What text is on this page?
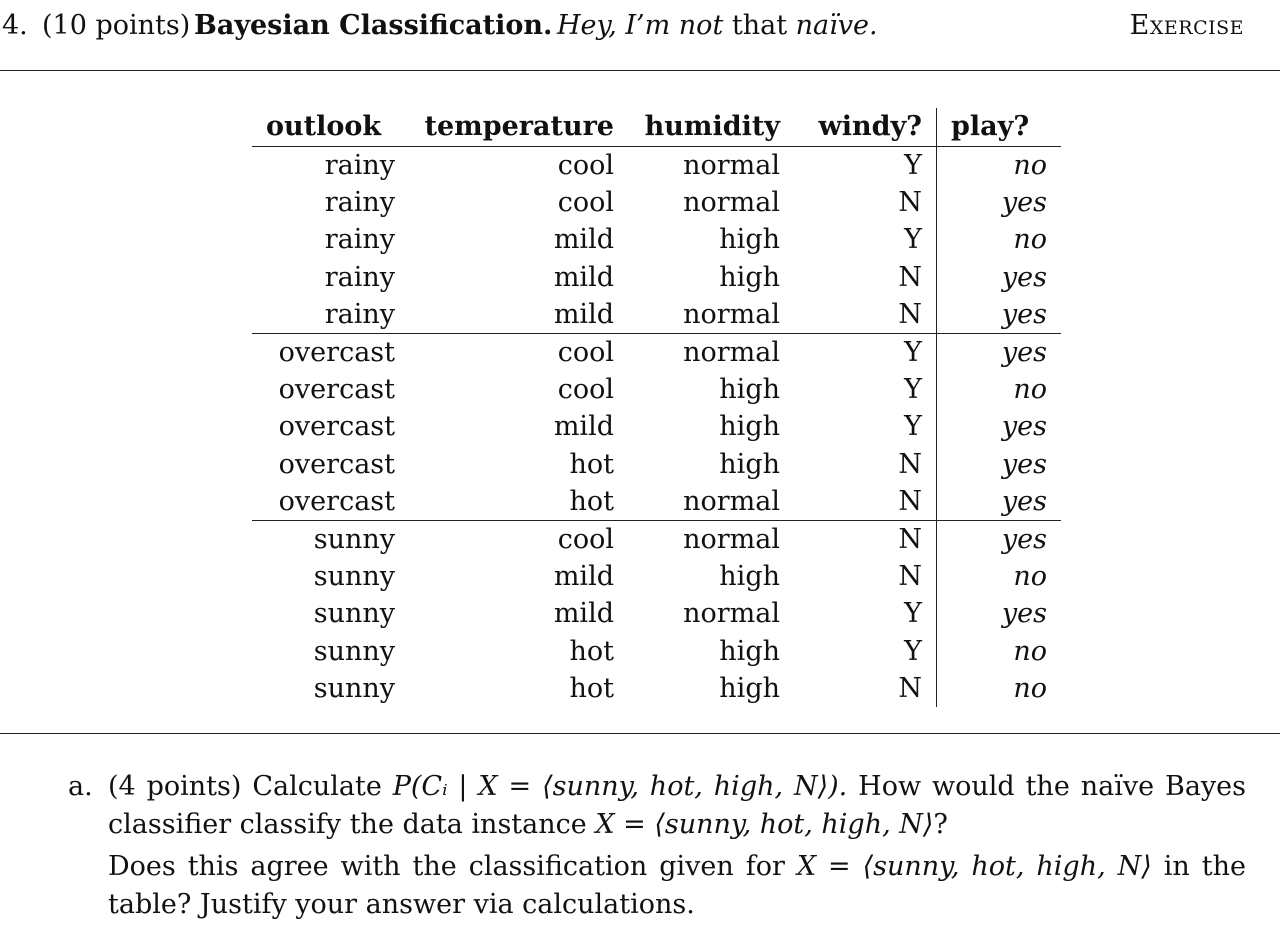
4. (10 points) Bayesian Classification. Hey, I’m not that naïve.	Exercise
outlook	temperature	humidity	windy?	play?
rainy	cool	normal	Y	no
rainy	cool	normal	N	yes
rainy	mild	high	Y	no
rainy	mild	high	N	yes
rainy	mild	normal	N	yes
overcast	cool	normal	Y	yes
overcast	cool	high	Y	no
overcast	mild	high	Y	yes
overcast	hot	high	N	yes
overcast	hot	normal	N	yes
sunny	cool	normal	N	yes
sunny	mild	high	N	no
sunny	mild	normal	Y	yes
sunny	hot	high	Y	no
sunny	hot	high	N	no
a. (4 points) Calculate P(Cᵢ | X = ⟨sunny, hot, high, N⟩). How would the naïve Bayes classifier classify the data instance X = ⟨sunny, hot, high, N⟩?

Does this agree with the classification given for X = ⟨sunny, hot, high, N⟩ in the table? Justify your answer via calculations.
